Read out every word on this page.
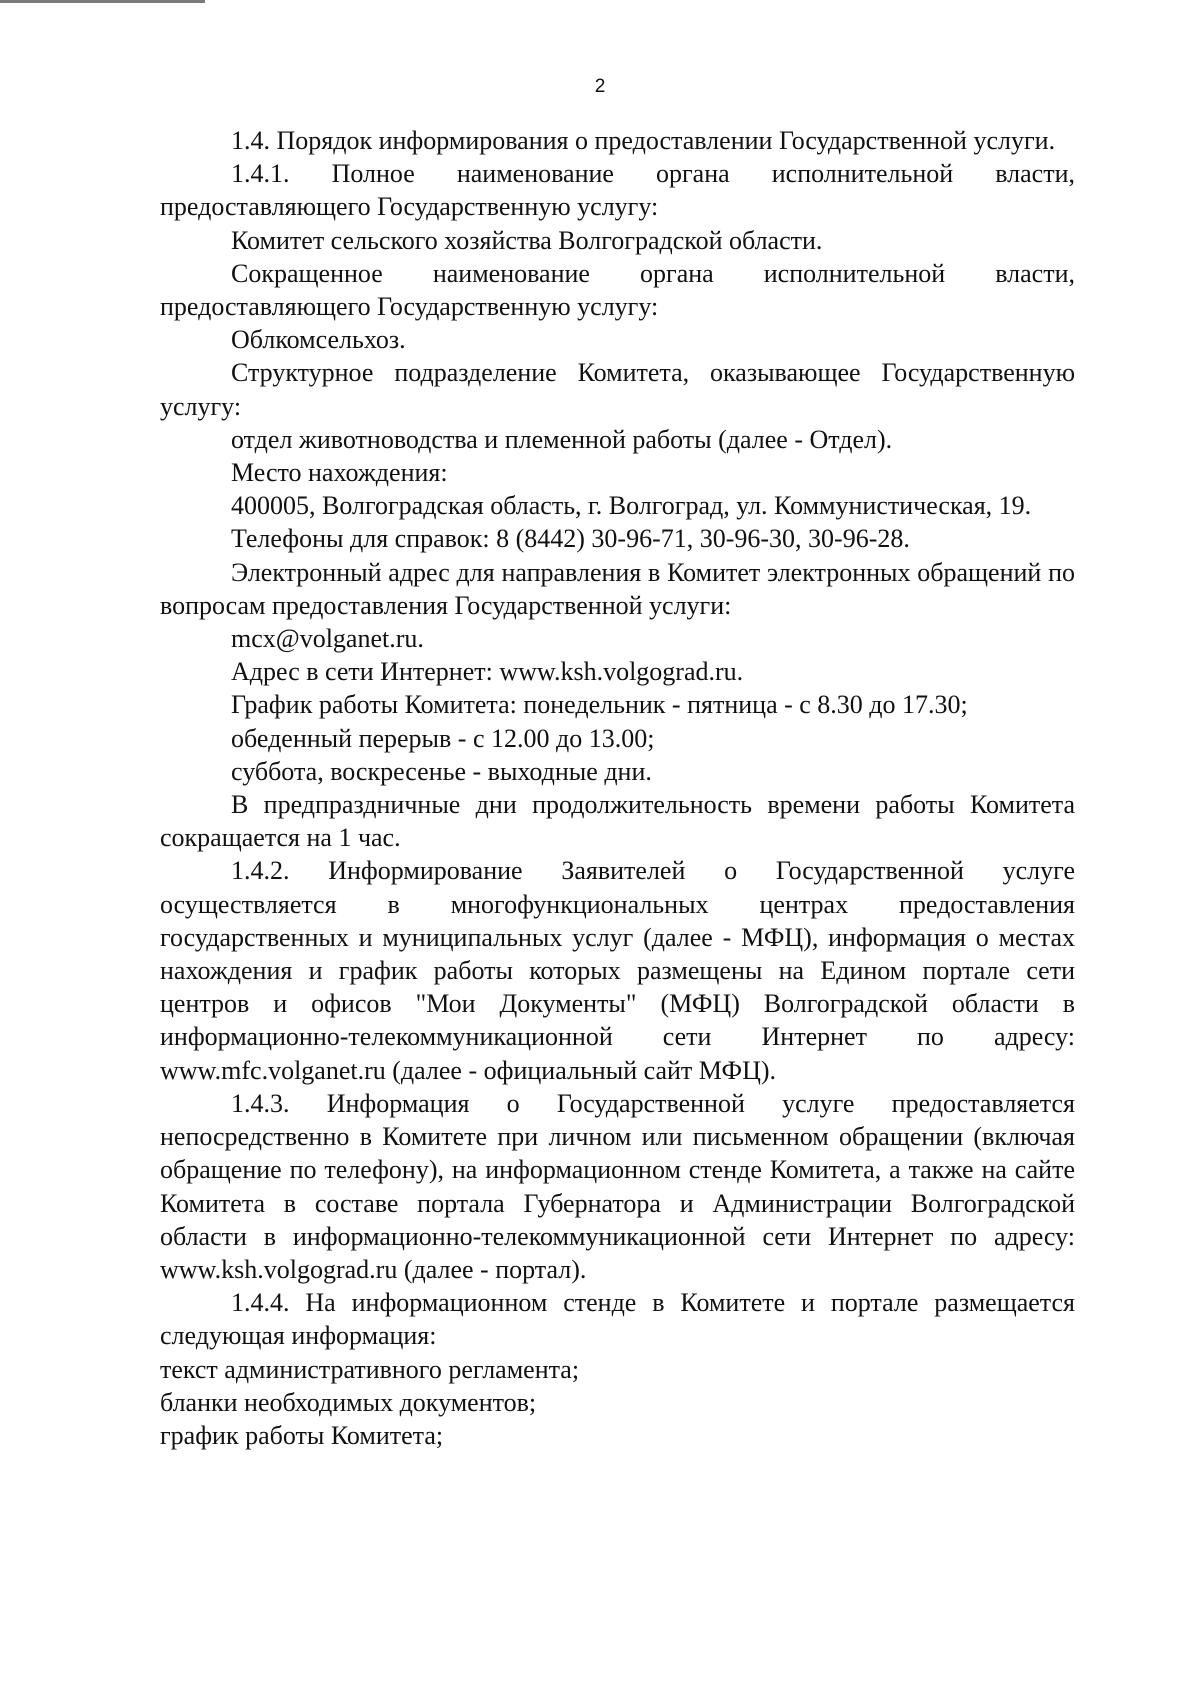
2

1.4. Порядок информирования о предоставлении Государственной услуги.

1.4.1. Полное наименование органа исполнительной власти, предоставляющего Государственную услугу:

Комитет сельского хозяйства Волгоградской области.

Сокращенное наименование органа исполнительной власти, предоставляющего Государственную услугу:

Облкомсельхоз.

Структурное подразделение Комитета, оказывающее Государственную услугу:

отдел животноводства и племенной работы (далее - Отдел).

Место нахождения:

400005, Волгоградская область, г. Волгоград, ул. Коммунистическая, 19.

Телефоны для справок: 8 (8442) 30-96-71, 30-96-30, 30-96-28.

Электронный адрес для направления в Комитет электронных обращений по вопросам предоставления Государственной услуги:

mcx@volganet.ru.

Адрес в сети Интернет: www.ksh.volgograd.ru.

График работы Комитета: понедельник - пятница - с 8.30 до 17.30;

обеденный перерыв - с 12.00 до 13.00;

суббота, воскресенье - выходные дни.

В предпраздничные дни продолжительность времени работы Комитета сокращается на 1 час.

1.4.2. Информирование Заявителей о Государственной услуге осуществляется в многофункциональных центрах предоставления государственных и муниципальных услуг (далее - МФЦ), информация о местах нахождения и график работы которых размещены на Едином портале сети центров и офисов "Мои Документы" (МФЦ) Волгоградской области в информационно-телекоммуникационной сети Интернет по адресу: www.mfc.volganet.ru (далее - официальный сайт МФЦ).

1.4.3. Информация о Государственной услуге предоставляется непосредственно в Комитете при личном или письменном обращении (включая обращение по телефону), на информационном стенде Комитета, а также на сайте Комитета в составе портала Губернатора и Администрации Волгоградской области в информационно-телекоммуникационной сети Интернет по адресу: www.ksh.volgograd.ru (далее - портал).

1.4.4. На информационном стенде в Комитете и портале размещается следующая информация:

текст административного регламента;

бланки необходимых документов;

график работы Комитета;
